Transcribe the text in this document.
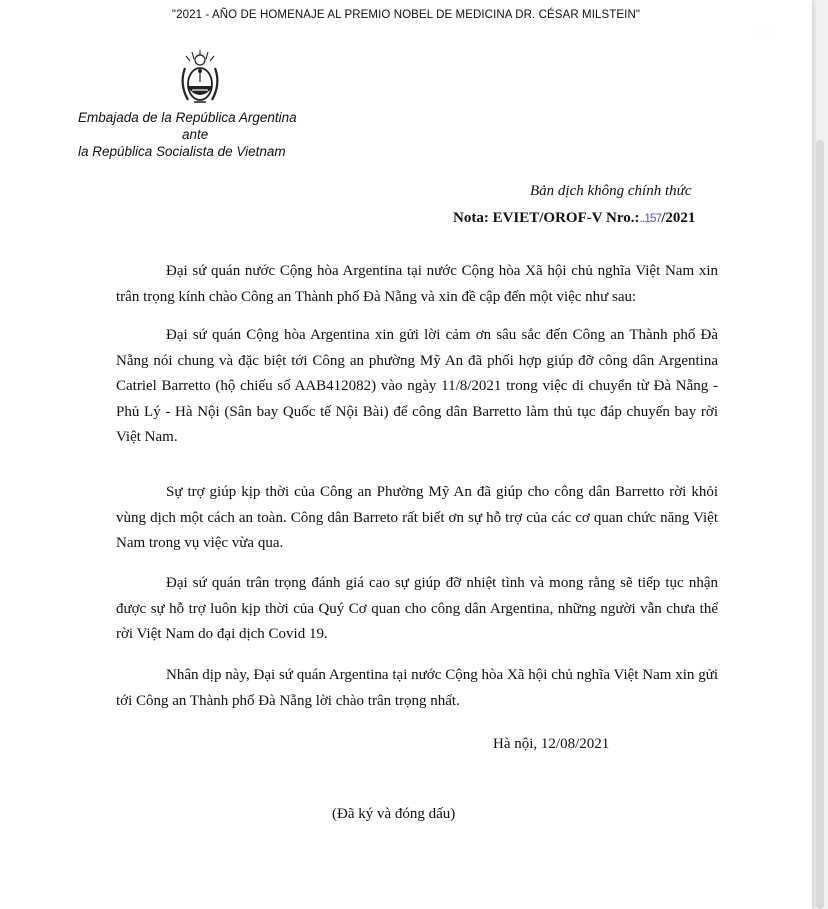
"2021 - AÑO DE HOMENAJE AL PREMIO NOBEL DE MEDICINA DR. CÉSAR MILSTEIN"
· · ·
Embajada de la República Argentina
ante
la República Socialista de Vietnam
Bản dịch không chính thức
Nota: EVIET/OROF-V Nro.:..157/2021
Đại sứ quán nước Cộng hòa Argentina tại nước Cộng hòa Xã hội chủ nghĩa Việt Nam xin trân trọng kính chào Công an Thành phố Đà Nẵng và xin đề cập đến một việc như sau:
Đại sứ quán Cộng hòa Argentina xin gửi lời cảm ơn sâu sắc đến Công an Thành phố Đà Nẵng nói chung và đặc biệt tới Công an phường Mỹ An đã phối hợp giúp đỡ công dân Argentina Catriel Barretto (hộ chiếu số AAB412082) vào ngày 11/8/2021 trong việc di chuyển từ Đà Nẵng - Phủ Lý - Hà Nội (Sân bay Quốc tế Nội Bài) để công dân Barretto làm thủ tục đáp chuyến bay rời Việt Nam.
Sự trợ giúp kịp thời của Công an Phường Mỹ An đã giúp cho công dân Barretto rời khỏi vùng dịch một cách an toàn. Công dân Barreto rất biết ơn sự hỗ trợ của các cơ quan chức năng Việt Nam trong vụ việc vừa qua.
Đại sứ quán trân trọng đánh giá cao sự giúp đỡ nhiệt tình và mong rằng sẽ tiếp tục nhận được sự hỗ trợ luôn kịp thời của Quý Cơ quan cho công dân Argentina, những người vẫn chưa thể rời Việt Nam do đại dịch Covid 19.
Nhân dịp này, Đại sứ quán Argentina tại nước Cộng hòa Xã hội chủ nghĩa Việt Nam xin gửi tới Công an Thành phố Đà Nẵng lời chào trân trọng nhất.
Hà nội, 12/08/2021
(Đã ký và đóng dấu)
